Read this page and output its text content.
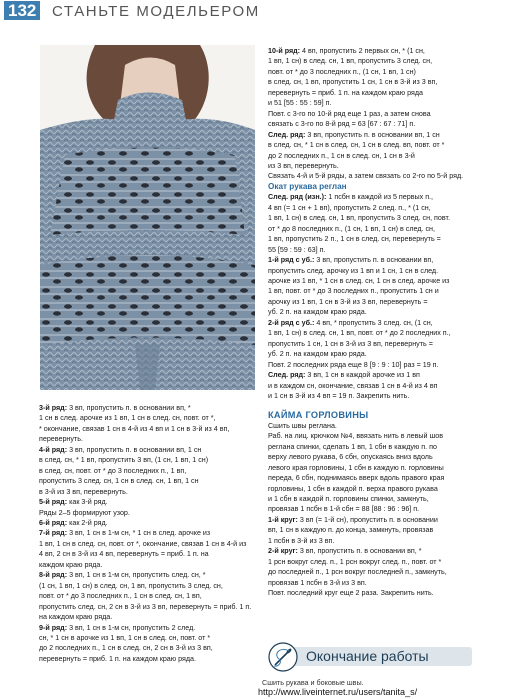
132 СТАНЬТЕ МОДЕЛЬЕРОМ

3-й ряд: 3 вп, пропустить п. в основании вп, *

1 сн в след. арочке из 1 вп, 1 сн в след. сн, повт. от *,

* окончание, связав 1 сн в 4-й из 4 вп и 1 сн в 3-й из 4 вп,

перевернуть.

4-й ряд: 3 вп, пропустить п. в основании вп, 1 сн

в след. сн, * 1 вп, пропустить 3 вп, (1 сн, 1 вп, 1 сн)

в след. сн, повт. от * до 3 последних п., 1 вп,

пропустить 3 след. сн, 1 сн в след. сн, 1 вп, 1 сн

в 3-й из 3 вп, перевернуть.

5-й ряд: как 3-й ряд.

Ряды 2–5 формируют узор.

6-й ряд: как 2-й ряд.

7-й ряд: 3 вп, 1 сн в 1-м сн, * 1 сн в след. арочке из

1 вп, 1 сн в след. сн, повт. от *, окончание, связав 1 сн в 4-й из

4 вп, 2 сн в 3-й из 4 вп, перевернуть = приб. 1 п. на

каждом краю ряда.

8-й ряд: 3 вп, 1 сн в 1-м сн, пропустить след. сн, *

(1 сн, 1 вп, 1 сн) в след. сн, 1 вп, пропустить 3 след. сн,

повт. от * до 3 последних п., 1 сн в след. сн, 1 вп,

пропустить след. сн, 2 сн в 3-й из 3 вп, перевернуть = приб. 1 п.

на каждом краю ряда.

9-й ряд: 3 вп, 1 сн в 1-м сн, пропустить 2 след.

сн, * 1 сн в арочке из 1 вп, 1 сн в след. сн, повт. от *

до 2 последних п., 1 сн в след. сн, 2 сн в 3-й из 3 вп,

перевернуть = приб. 1 п. на каждом краю ряда.

10-й ряд: 4 вп, пропустить 2 первых сн, * (1 сн,

1 вп, 1 сн) в след. сн, 1 вп, пропустить 3 след. сн,

повт. от * до 3 последних п., (1 сн, 1 вп, 1 сн)

в след. сн, 1 вп, пропустить 1 сн, 1 сн в 3-й из 3 вп,

перевернуть = приб. 1 п. на каждом краю ряда

и 51 [55 : 55 : 59] п.

Повт. с 3-го по 10-й ряд еще 1 раз, а затем снова

связать с 3-го по 8-й ряд = 63 [67 : 67 : 71] п.

След. ряд: 3 вп, пропустить п. в основании вп, 1 сн

в след. сн, * 1 сн в след. сн, 1 сн в след. вп, повт. от *

до 2 последних п., 1 сн в след. сн, 1 сн в 3-й

из 3 вп, перевернуть.

Связать 4-й и 5-й ряды, а затем связать со 2-го по 5-й ряд.

Окат рукава реглан

След. ряд (изн.): 1 псбн в каждой из 5 первых п.,

4 вп (= 1 сн + 1 вп), пропустить 2 след. п., * (1 сн,

1 вп, 1 сн) в след. сн, 1 вп, пропустить 3 след. сн, повт.

от * до 8 последних п., (1 сн, 1 вп, 1 сн) в след. сн,

1 вп, пропустить 2 п., 1 сн в след. сн, перевернуть =

55 [59 : 59 : 63] п.

1-й ряд с уб.: 3 вп, пропустить п. в основании вп,

пропустить след. арочку из 1 вп и 1 сн, 1 сн в след.

арочке из 1 вп, * 1 сн в след. сн, 1 сн в след. арочке из

1 вп, повт. от * до 3 последних п., пропустить 1 сн и

арочку из 1 вп, 1 сн в 3-й из 3 вп, перевернуть =

уб. 2 п. на каждом краю ряда.

2-й ряд с уб.: 4 вп, * пропустить 3 след. сн, (1 сн,

1 вп, 1 сн) в след. сн, 1 вп, повт. от * до 2 последних п.,

пропустить 1 сн, 1 сн в 3-й из 3 вп, перевернуть =

уб. 2 п. на каждом краю ряда.

Повт. 2 последних ряда еще 8 [9 : 9 : 10] раз = 19 п.

След. ряд: 3 вп, 1 сн в каждой арочке из 1 вп

и в каждом сн, окончание, связав 1 сн в 4-й из 4 вп

и 1 сн в 3-й из 4 вп = 19 п. Закрепить нить.

КАЙМА ГОРЛОВИНЫ

Сшить швы реглана.

Раб. на лиц. крючком №4, ввязать нить в левый шов

реглана спинки, сделать 1 вп, 1 сбн в каждую п. по

верху левого рукава, 6 сбн, опускаясь вниз вдоль

левого края горловины, 1 сбн в каждую п. горловины

переда, 6 сбн, поднимаясь вверх вдоль правого края

горловины, 1 сбн в каждой п. верха правого рукава

и 1 сбн в каждой п. горловины спинки, замкнуть,

провязав 1 псбн в 1-й сбн = 88 [88 : 96 : 96] п.

1-й круг: 3 вп (= 1-й сн), пропустить п. в основании

вп, 1 сн в каждую п. до конца, замкнуть, провязав

1 псбн в 3-й из 3 вп.

2-й круг: 3 вп, пропустить п. в основании вп, *

1 рсн вокруг след. п., 1 рсн вокруг след. п., повт. от *

до последней п., 1 рсн вокруг последней п., замкнуть,

провязав 1 псбн в 3-й из 3 вп.

Повт. последний круг еще 2 раза. Закрепить нить.

Окончание работы
Сшить рукава и боковые швы.
http://www.liveinternet.ru/users/tanita_s/
